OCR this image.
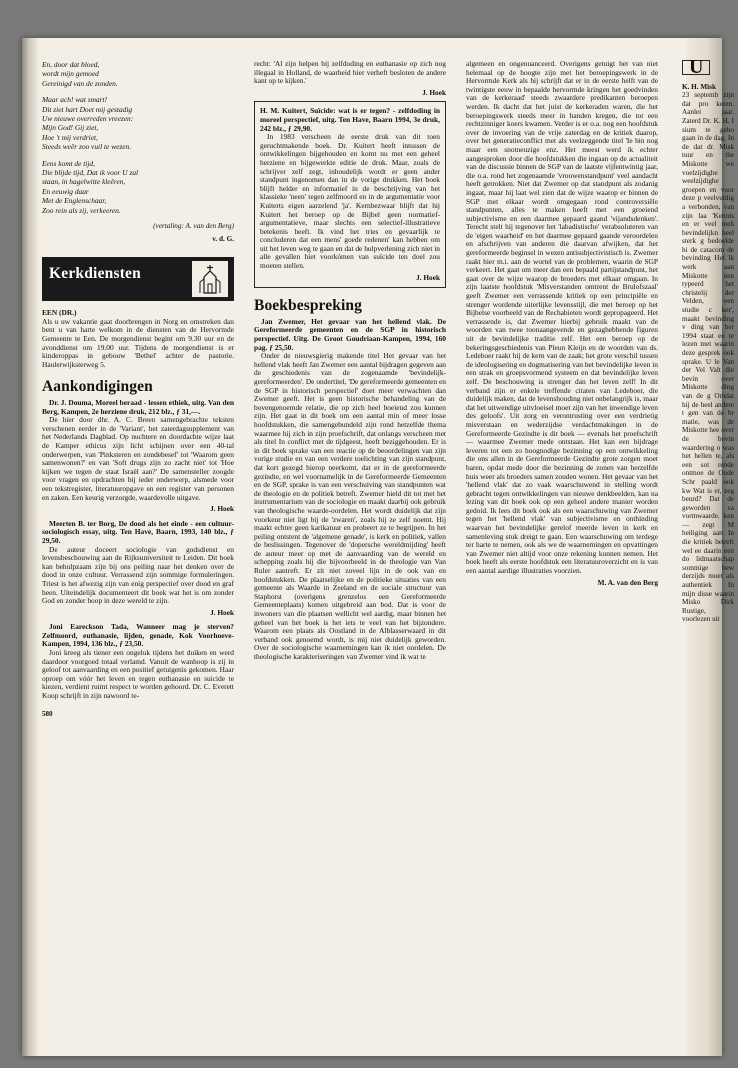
En, door dat bloed,
wordt mijn gemoed
Gereinigd van de zonden.
Maar ach! wat smart!
Dit ziet hart Doet mij gestadig
Uw nieuwe overreden vreezen:
Mijn God! Gij ziet,
Hoe 't mij verdriet,
Steeds weêr zoo vuil te wezen.
Eens komt de tijd,
Die blijde tijd, Dat ik voor U zal
staan, in hagelwitte kleêren,
En eeuwig daar
Met de Englenschaar,
Zoo rein als zij, verkeeren.
(vertaling: A. van den Berg)
v. d. G.
Kerkdiensten

EEN (DR.)

Als u uw vakantie gaat doorbrengen in Norg en omstreken dan bent u van harte welkom in de diensten van de Hervormde Gemeente te Een. De morgendienst begint om 9.30 uur en de avonddienst om 19.00 uur. Tijdens de morgendienst is er kinderoppas in gebouw 'Bethel' achter de pastorie. Haulerwijksterweg 5.

Aankondigingen

Dr. J. Douma, Moreel beraad - lessen ethiek, uitg. Van den Berg, Kampen, 2e herziene druk, 212 blz., ƒ 31,—.

De hier door dhr. A. C. Breen samengebrachte teksten verschenen eerder in de 'Variant', het zaterdagsupplement van het Nederlands Dagblad. Op nuchtere en doordachte wijze laat de Kamper ethicus zijn licht schijnen over een 40-tal onderwerpen, van 'Pinksteren en zondebesef' tot 'Waarom geen samenwonen?' en van 'Soft drugs zijn zo zacht niet' tot 'Hoe kijken we tegen de staat Israël aan?' De samensteller zoogde voor vragen en opdrachten bij ieder onderwerp, alsmede voor een tekstregister, literatuuropgave en een register van personen en zaken. Een keurig verzorgde, waardevolle uitgave.

J. Hoek

Meerten B. ter Borg, De dood als het einde - een cultuur-sociologisch essay, uitg. Ten Have, Baarn, 1993, 140 blz., ƒ 29,50.

De auteur doceert sociologie van godsdienst en levensbeschouwing aan de Rijksuniversiteit te Leiden. Dit boek kan behulpzaam zijn bij ons peiling naar het denken over de dood in onze cultuur. Verrassend zijn sommige formuleringen. Triest is het afwezig zijn van enig perspectief over dood en graf heen. Uiteindelijk documenteert dit boek wat het is om zonder God en zonder hoop in deze wereld te zijn.

J. Hoek

Joni Eareckson Tada, Wanneer mag je sterven? Zelfmoord, euthanasie, lijden, genade, Kok Voorhoeve-Kampen, 1994, 136 blz., ƒ 23,50.

Joni kreeg als tiener een ongeluk tijdens het duiken en werd daardoor voorgoed totaal verlamd. Vanuit de wanhoop is zij in geloof tot aanvaarding en een positief getuigenis gekomen. Haar oproep om vóór het leven en tegen euthanasie en suicide te kiezen, verdient ruimt respect te worden gehoord. Dr. C. Everett Koop schrijft in zijn nawoord te-

580

recht: 'Al zijn helpen bij zelfdoding en euthanasie op zich nog illegaal in Holland, de waarheid hier verheft besloten de andere kant op te kijken.'

J. Hoek

H. M. Kuitert, Suïcide: wat is er tegen? - zelfdoding in moreel perspectief, uitg. Ten Have, Baarn 1994, 3e druk, 242 blz., ƒ 29,90.

In 1983 verscheen de eerste druk van dit toen geruchtmakende boek. Dr. Kuitert heeft intussen de ontwikkelingen bijgehouden en komt nu met een geheel herziene en bijgewerkte editie de druk. Maar, zoals de schrijver zelf zegt, inhoudelijk wordt er geen ander standpunt ingenomen dan in de vorige drukken. Het boek blijft helder en informatief in de beschrijving van het klassieke 'neen' tegen zelfmoord en in de argumentatie voor Kuiterts eigen aarzelend 'ja'. Kernbezwaar blijft dat hij Kuitert het beroep op de Bijbel geen normatief-argumentatieve, maar slechts een selectief-illustratieve betekenis heeft. Ik vind het tries en gevaarlijk te concluderen dat een mens' goede redenen' kan hebben om uit het leven weg te gaan en dat de hulpverlening zich niet in alle gevallen hiet voorkómen van suïcide ten doel zou moeten stellen.

J. Hoek
Boekbespreking

Jan Zwemer, Het gevaar van het hellend vlak. De Gereformeerde gemeenten en de SGP in historisch perspectief. Uitg. De Groot Goudriaan-Kampen, 1994, 160 pag. ƒ 25,50.

Onder de nieuwsgierig makende titel Het gevaar van het hellend vlak heeft Jan Zwemer een aantal bijdragen gegeven aan de geschiedenis van de zogenaamde 'bevindelijk-gereformeerden'. De ondertitel, 'De gereformeerde gemeenten en de SGP in historisch perspectief' doet meer verwachten dan Zwemer geeft. Het is geen historische behandeling van de bovengenoemde relatie, die op zich heel boeiend zou kunnen zijn. Het gaat in dit boek om een aantal min of meer losse hoofdstukken, die samengebundeld zijn rond hetzelfde thema waarmee hij zich in zijn proefschrift, dat onlangs verscheen met als titel In conflict met de tijdgeest, heeft beziggehouden. Er is in dit boek sprake van een reactie op de beoordelingen van zijn vorige studie en van een verdere toelichting van zijn standpunt, dat kort gezegd hierop neerkomt, dat er in de gereformeerde gezindte, en wel voornamelijk in de Gereformeerde Gemeenten en de SGP, sprake is van een verschuiving van standpunten wat de theologie en de politiek betreft. Zwemer hield dit tot met het instrumentarium van de sociologie en maakt daarbij ook gebruik van theologische waarde-oordelen. Het wordt duidelijk dat zijn voorkeur niet ligt bij de 'zwaren', zoals hij ze zelf noemt. Hij maakt echter geen karikatuur en probeert ze te begrijpen. In het peiling ontstent de 'algemene genade', is kerk en politiek, vallen de beslissingen. Tegenover de 'dopersche wereldmijding' heeft de auteur meer op met de aanvaarding van de wereld en schepping zoals hij die bijvoorbeeld in de theologie van Van Ruler aantreft. Er zit niet zoveel lijn in de ook van en hoofdstukken. De plaatselijke en de politieke situaties van een gemeente als Waarde in Zeeland en de sociale structuur van Staphorst (overigens grenzelos een Gereformeerde Gemeenteplaats) komen uitgebreid aan bod. Dat is voor de inwoners van die plaatsen wellicht wel aardig, maar binnen het geheel van het boek is het iets te veel van het bijzondere. Waarom een plaats als Oostland in de Alblasserwaard in dit verband ook genoemd wordt, is mij niet duidelijk geworden. Over de sociologische waarnemingen kan ik niet oordelen. De theologische karakteriseringen van Zwemer vind ik wat te

algemeen en ongenuanceerd. Overigens getuigt het van niet helemaal op de hoogte zijn met het beroepingswerk in de Hervormde Kerk als hij schrijft dat er in de eerste helft van de twintigste eeuw in bepaalde hervormde kringen het goedvinden van de kerkeraad' steeds zwaardere predikanten beroepen werden. Ik dacht dat het juist de kerkeraden waren, die het beroepingswerk steeds meer in handen kregen, die tot een rechtzinniger koers kwamen. Verder is er o.a. nog een hoofdstuk over de invoering van de vrije zaterdag en de kritiek daarop, over het generatieconflict met als veelzeggende titel 'Ie bin nog maar een snotneuzige enz. Het meest werd ik echter aangesproken door die hoofdstukken die ingaan op de actualiteit van de discussie binnen de SGP van de laatste vijfentwintig jaar, die o.a. rond het zogenaamde 'vrouwenstandpunt' veel aandacht heeft getrokken. Niet dat Zwemer op dat standpunt als zodanig ingaat, maar hij laat wel zien dat de wijze waarop er binnen de SGP met elkaar wordt omgegaan rond controversiële standpunten, alles te maken heeft met een groeiend subjectivisme en een daarmee gepaard gaand 'vijandsdenken'. Terecht stelt hij tegenover het 'labadistische' verabsoluteren van de 'eigen waarheid' en het daarmee gepaard gaande veroordelen en afschrijven van anderen die daarvan afwijken, dat het gereformeerde beginsel in wezen antisubjectivistisch is. Zwemer raakt hier m.i. aan de wortel van de problemen, waarin de SGP verkeert. Het gaat om meer dan een bepaald partijstandpunt, het gaat over de wijze waarop de broeders met elkaar omgaan. In zijn laatste hoofdstuk 'Misverstanden omtrent de Brulofszaal' geeft Zwemer een verrassende kritiek op een principiële en strenger wordende uiterlijke levensstijl, die met beroep op het Bijbelse voorbeeld van de Rechabieten wordt gepropageerd. Het verrassende is, dat Zwemer hierbij gebruik maakt van de woorden van twee toonaangevende en gezaghebbende figuren uit de bevindelijke traditie zelf. Het een beroep op de bekeringsgeschiedenis van Pleun Kleijn en de woorden van ds. Ledeboer raakt hij de kern van de zaak; het grote verschil tussen de ideologisering en dogmatisering van het bevindelijke leven in een strak en groepsvormend systeem en dat bevindelijke leven zelf. De beschouwing is strenger dan het leven zelf! In dit verband zijn er enkele treffende citaten van Ledeboer, die duidelijk maken, dat de levenshouding niet onbelangrijk is, maar dat het uitwendige uitvloeisel moet zijn van het inwendige leven des geloofs'. Uit zorg en verontrusting over een verdrietig misverstaan en wederzijdse verdachtmakingen in de Gereformeerde Gezindte is dit boek — evenals het proefschrift — waarmee Zwemer mede ontstaan. Het kan een bijdrage leveren tot een zo hoognodige bezinning op een ontwikkeling die ons allen in de Gereformeerde Gezindte grote zorgen moet baren, opdat mede door die bezinning de zonen van herzelfde huis weer als broeders samen zouden wonen. Het gevaar van het 'hellend vlak' dat zo vaak waarschuwend in stelling wordt gebracht tegen ontwikkelingen van nieuwe denkbeelden, kan na lezing van dit boek ook op een geheel andere manier worden gedoid. Ik lees dit boek ook als een waarschuwing van Zwemer tegen het 'hellend vlak' van subjectivisme en onthinding waarvan het bevindelijke gerelof meerde leven in kerk en samenleving stuk dreigt te gaan. Een waarschuwing om terdege ter harte te nemen, ook als we de waarnemingen en opvattingen van Zwemer niet altijd voor onze rekening kunnen nemen. Het boek heeft als eerste hoofdstuk een literatuuroverzicht en is van een aantal aardige illustraties voorzien.

M. A. van den Berg
U
K. H. Misk
23 septemb zijn dat pro keren. Aanlei jaar. Zaterd Dr. K. H. I sium te gebo gaan in de dag. In de dat dr. Misk tuur en the Miskotte we voelzijdighe weelzijdighe groepen en voor deze p veelvuldig a verbonden, van zijn laa 'Kennis en er veel meh bevindelijkn heel sterk g bedoelde hi de catacom de bevinding Het lk werk aan Miskotte nen typeerd het christelij der Velden, een studie c ker', maakt bevinding v ding van her 1994 staat ee te lezen met waarin deze gesprek ook sprake. U le Van der Vel Valt die bevin over Miskotte ding van de g Omdat hij de heel andere t gen van de br matie, was de Miskotte hee over de bevin waardering o was het hellen te, als een sot rende ontmoe de Oude Schr paald ook kw Wat is er, zeg beurd? Dat de geworden va vormwaarde. ken — zegt M heiliging aan In die kritiek betreft wel ee daarin een do lidmaatschap sommige bew derzijds moet als authentiek In mijn disse waarin Misko Dirk Rustige, voorlezen uit
